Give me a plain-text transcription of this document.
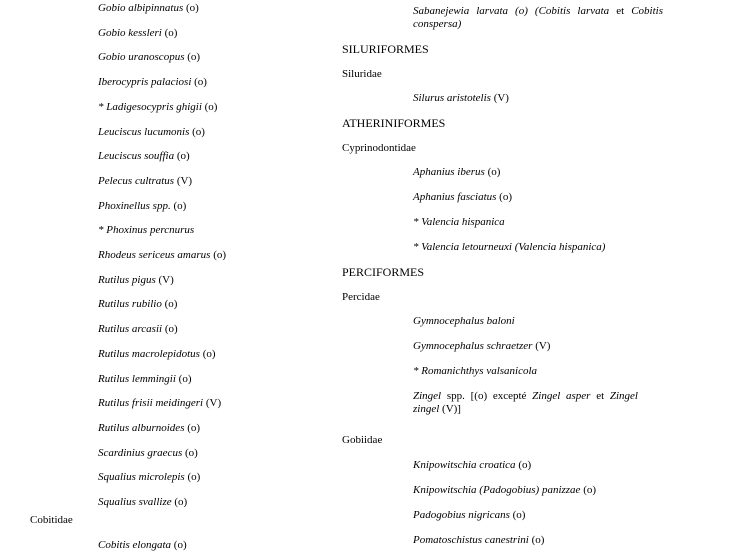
Gobio albipinnatus (o)
Gobio kessleri (o)
Gobio uranoscopus (o)
Iberocypris palaciosi (o)
* Ladigesocypris ghigii (o)
Leuciscus lucumonis (o)
Leuciscus souffia (o)
Pelecus cultratus (V)
Phoxinellus spp. (o)
* Phoxinus percnurus
Rhodeus sericeus amarus (o)
Rutilus pigus (V)
Rutilus rubilio (o)
Rutilus arcasii (o)
Rutilus macrolepidotus (o)
Rutilus lemmingii (o)
Rutilus frisii meidingeri (V)
Rutilus alburnoides (o)
Scardinius graecus (o)
Squalius microlepis (o)
Squalius svallize (o)
Cobitidae
Cobitis elongata (o)
Sabanejewia larvata (o) (Cobitis larvata et Cobitis conspersa)
SILURIFORMES
Siluridae
Silurus aristotelis (V)
ATHERINIFORMES
Cyprinodontidae
Aphanius iberus (o)
Aphanius fasciatus (o)
* Valencia hispanica
* Valencia letourneuxi (Valencia hispanica)
PERCIFORMES
Percidae
Gymnocephalus baloni
Gymnocephalus schraetzer (V)
* Romanichthys valsanicola
Zingel spp. [(o) excepté Zingel asper et Zingel zingel (V)]
Gobiidae
Knipowitschia croatica (o)
Knipowitschia (Padogobius) panizzae (o)
Padogobius nigricans (o)
Pomatoschistus canestrini (o)
